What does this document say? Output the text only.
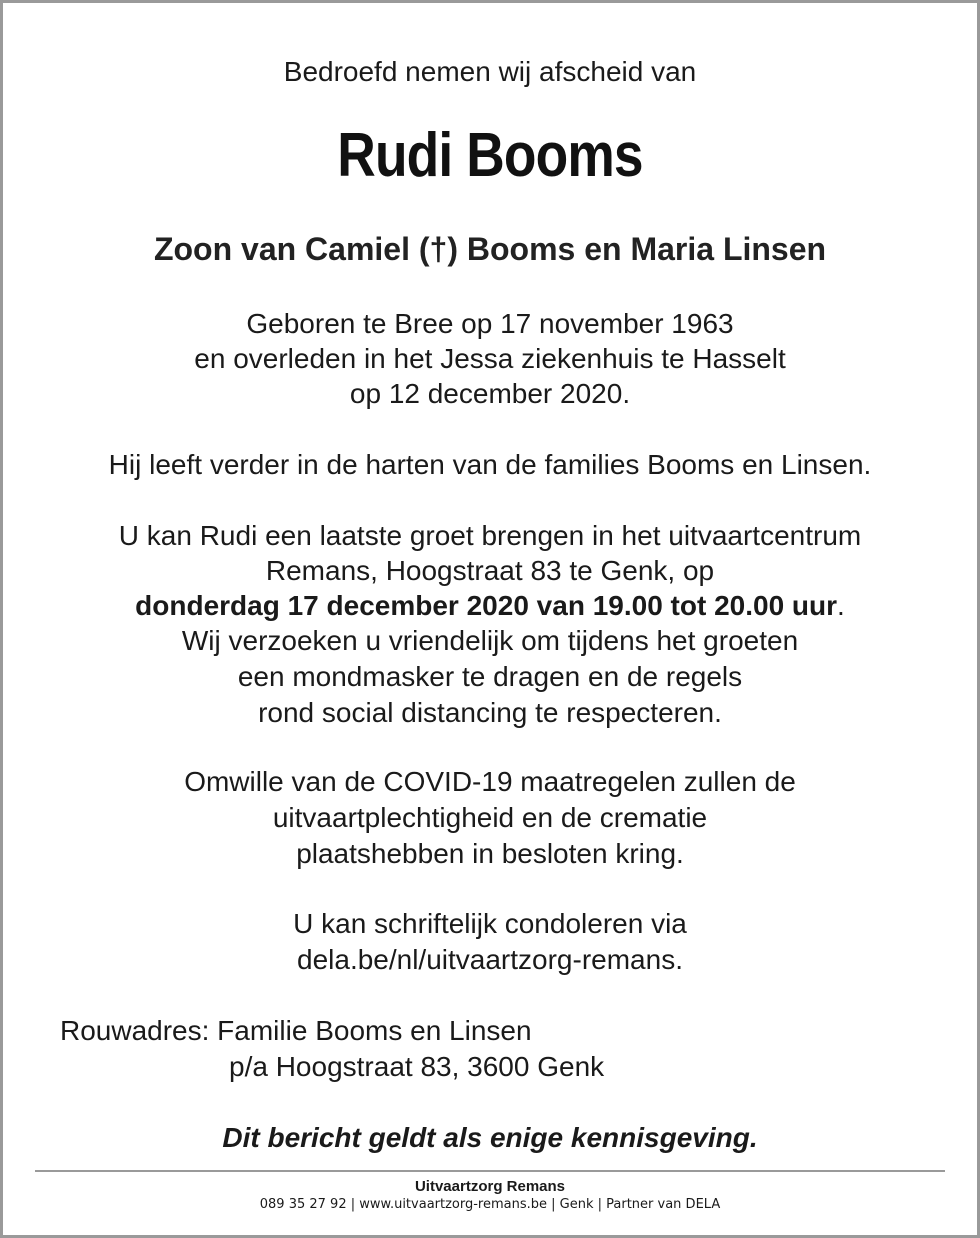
Bedroefd nemen wij afscheid van
Rudi Booms
Zoon van Camiel (†) Booms en Maria Linsen
Geboren te Bree op 17 november 1963
en overleden in het Jessa ziekenhuis te Hasselt
op 12 december 2020.
Hij leeft verder in de harten van de families Booms en Linsen.
U kan Rudi een laatste groet brengen in het uitvaartcentrum
Remans, Hoogstraat 83 te Genk, op
donderdag 17 december 2020 van 19.00 tot 20.00 uur.
Wij verzoeken u vriendelijk om tijdens het groeten
een mondmasker te dragen en de regels
rond social distancing te respecteren.
Omwille van de COVID-19 maatregelen zullen de
uitvaartplechtigheid en de crematie
plaatshebben in besloten kring.
U kan schriftelijk condoleren via
dela.be/nl/uitvaartzorg-remans.
Rouwadres: Familie Booms en Linsen
p/a Hoogstraat 83, 3600 Genk
Dit bericht geldt als enige kennisgeving.
Uitvaartzorg Remans
089 35 27 92 | www.uitvaartzorg-remans.be | Genk | Partner van DELA
